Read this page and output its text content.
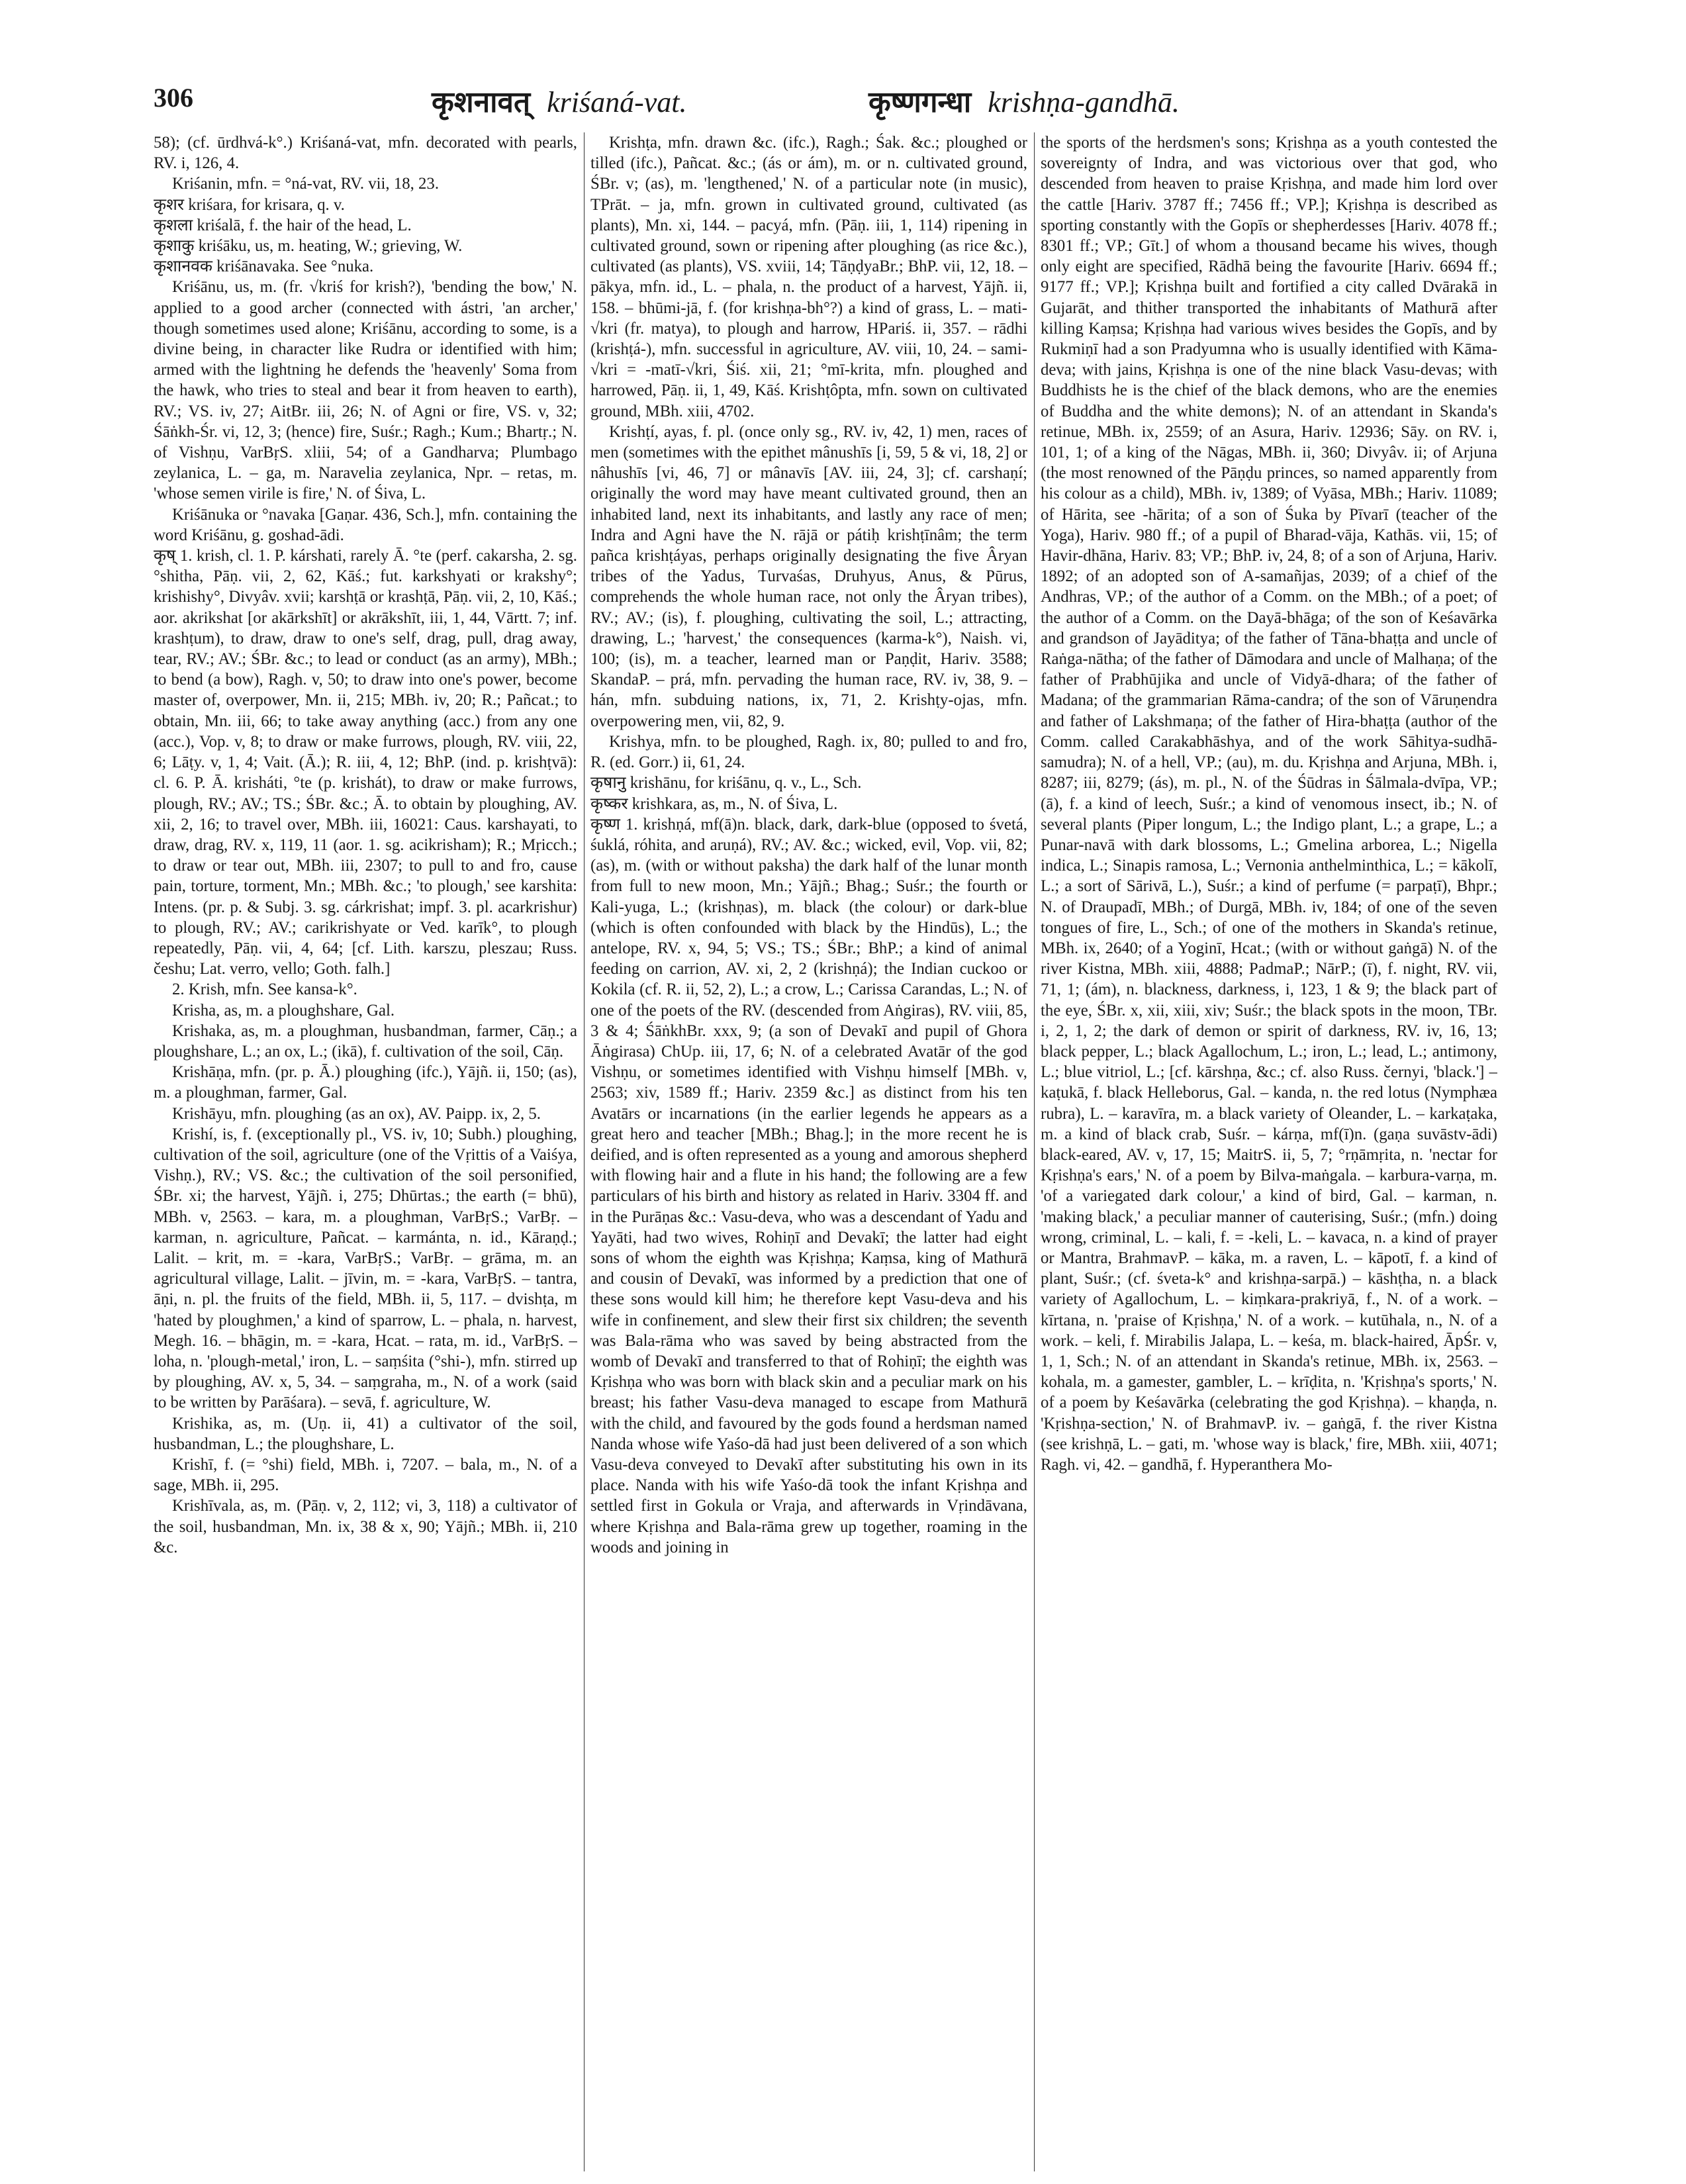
306	कृशनावत् kriśaná-vat.	कृष्णगन्धा krishṇa-gandhā.

58); (cf. ūrdhvá-k°.) Kriśaná-vat, mfn. decorated with pearls, RV. i, 126, 4.

Kriśanin, mfn. = °ná-vat, RV. vii, 18, 23.

कृशर kriśara, for krisara, q. v.

कृशला kriśalā, f. the hair of the head, L.

कृशाकु kriśāku, us, m. heating, W.; grieving, W.

कृशानवक kriśānavaka. See °nuka.

Kriśānu, us, m. (fr. √kriś for krish?), 'bending the bow,' N. applied to a good archer (connected with ástri, 'an archer,' though sometimes used alone; Kriśānu, according to some, is a divine being, in character like Rudra or identified with him; armed with the lightning he defends the 'heavenly' Soma from the hawk, who tries to steal and bear it from heaven to earth), RV.; VS. iv, 27; AitBr. iii, 26; N. of Agni or fire, VS. v, 32; Śāṅkh-Śr. vi, 12, 3; (hence) fire, Suśr.; Ragh.; Kum.; Bhartṛ.; N. of Vishṇu, VarBṛS. xliii, 54; of a Gandharva; Plumbago zeylanica, L. – ga, m. Naravelia zeylanica, Npr. – retas, m. 'whose semen virile is fire,' N. of Śiva, L.

Kriśānuka or °navaka [Gaṇar. 436, Sch.], mfn. containing the word Kriśānu, g. goshad-ādi.

कृष् 1. krish, cl. 1. P. kárshati, rarely Ā. °te (perf. cakarsha, 2. sg. °shitha, Pāṇ. vii, 2, 62, Kāś.; fut. karkshyati or krakshy°; krishishy°, Divyâv. xvii; karshṭā or krashṭā, Pāṇ. vii, 2, 10, Kāś.; aor. akrikshat [or akārkshīt] or akrākshīt, iii, 1, 44, Vārtt. 7; inf. krashṭum), to draw, draw to one's self, drag, pull, drag away, tear, RV.; AV.; ŚBr. &c.; to lead or conduct (as an army), MBh.; to bend (a bow), Ragh. v, 50; to draw into one's power, become master of, overpower, Mn. ii, 215; MBh. iv, 20; R.; Pañcat.; to obtain, Mn. iii, 66; to take away anything (acc.) from any one (acc.), Vop. v, 8; to draw or make furrows, plough, RV. viii, 22, 6; Lāṭy. v, 1, 4; Vait. (Ā.); R. iii, 4, 12; BhP. (ind. p. krishṭvā): cl. 6. P. Ā. krisháti, °te (p. krishát), to draw or make furrows, plough, RV.; AV.; TS.; ŚBr. &c.; Ā. to obtain by ploughing, AV. xii, 2, 16; to travel over, MBh. iii, 16021: Caus. karshayati, to draw, drag, RV. x, 119, 11 (aor. 1. sg. acikrisham); R.; Mṛicch.; to draw or tear out, MBh. iii, 2307; to pull to and fro, cause pain, torture, torment, Mn.; MBh. &c.; 'to plough,' see karshita: Intens. (pr. p. & Subj. 3. sg. cárkrishat; impf. 3. pl. acarkrishur) to plough, RV.; AV.; carikrishyate or Ved. karīk°, to plough repeatedly, Pāṇ. vii, 4, 64; [cf. Lith. karszu, pleszau; Russ. česhu; Lat. verro, vello; Goth. falh.]

2. Krish, mfn. See kansa-k°.

Krisha, as, m. a ploughshare, Gal.

Krishaka, as, m. a ploughman, husbandman, farmer, Cāṇ.; a ploughshare, L.; an ox, L.; (ikā), f. cultivation of the soil, Cāṇ.

Krishāṇa, mfn. (pr. p. Ā.) ploughing (ifc.), Yājñ. ii, 150; (as), m. a ploughman, farmer, Gal.

Krishāyu, mfn. ploughing (as an ox), AV. Paipp. ix, 2, 5.

Krishí, is, f. (exceptionally pl., VS. iv, 10; Subh.) ploughing, cultivation of the soil, agriculture (one of the Vṛittis of a Vaiśya, Vishṇ.), RV.; VS. &c.; the cultivation of the soil personified, ŚBr. xi; the harvest, Yājñ. i, 275; Dhūrtas.; the earth (= bhū), MBh. v, 2563. – kara, m. a ploughman, VarBṛS.; VarBṛ. – karman, n. agriculture, Pañcat. – karmánta, n. id., Kāraṇḍ.; Lalit. – krit, m. = -kara, VarBṛS.; VarBṛ. – grāma, m. an agricultural village, Lalit. – jīvin, m. = -kara, VarBṛS. – tantra, āṇi, n. pl. the fruits of the field, MBh. ii, 5, 117. – dvishṭa, m 'hated by ploughmen,' a kind of sparrow, L. – phala, n. harvest, Megh. 16. – bhāgin, m. = -kara, Hcat. – rata, m. id., VarBṛS. – loha, n. 'plough-metal,' iron, L. – saṃśita (°shi-), mfn. stirred up by ploughing, AV. x, 5, 34. – saṃgraha, m., N. of a work (said to be written by Parāśara). – sevā, f. agriculture, W.

Krishika, as, m. (Uṇ. ii, 41) a cultivator of the soil, husbandman, L.; the ploughshare, L.

Krishī, f. (= °shi) field, MBh. i, 7207. – bala, m., N. of a sage, MBh. ii, 295.

Krishīvala, as, m. (Pāṇ. v, 2, 112; vi, 3, 118) a cultivator of the soil, husbandman, Mn. ix, 38 & x, 90; Yājñ.; MBh. ii, 210 &c.

Krishṭa, mfn. drawn &c. (ifc.), Ragh.; Śak. &c.; ploughed or tilled (ifc.), Pañcat. &c.; (ás or ám), m. or n. cultivated ground, ŚBr. v; (as), m. 'lengthened,' N. of a particular note (in music), TPrāt. – ja, mfn. grown in cultivated ground, cultivated (as plants), Mn. xi, 144. – pacyá, mfn. (Pāṇ. iii, 1, 114) ripening in cultivated ground, sown or ripening after ploughing (as rice &c.), cultivated (as plants), VS. xviii, 14; TāṇḍyaBr.; BhP. vii, 12, 18. – pākya, mfn. id., L. – phala, n. the product of a harvest, Yājñ. ii, 158. – bhūmi-jā, f. (for krishṇa-bh°?) a kind of grass, L. – mati-√kri (fr. matya), to plough and harrow, HPariś. ii, 357. – rādhi (krishṭá-), mfn. successful in agriculture, AV. viii, 10, 24. – sami-√kri = -matī-√kri, Śiś. xii, 21; °mī-krita, mfn. ploughed and harrowed, Pāṇ. ii, 1, 49, Kāś. Krishṭôpta, mfn. sown on cultivated ground, MBh. xiii, 4702.

Krishṭí, ayas, f. pl. (once only sg., RV. iv, 42, 1) men, races of men (sometimes with the epithet mânushīs [i, 59, 5 & vi, 18, 2] or nâhushīs [vi, 46, 7] or mânavīs [AV. iii, 24, 3]; cf. carshaṇí; originally the word may have meant cultivated ground, then an inhabited land, next its inhabitants, and lastly any race of men; Indra and Agni have the N. rājā or pátiḥ krishṭīnâm; the term pañca krishṭáyas, perhaps originally designating the five Âryan tribes of the Yadus, Turvaśas, Druhyus, Anus, & Pūrus, comprehends the whole human race, not only the Âryan tribes), RV.; AV.; (is), f. ploughing, cultivating the soil, L.; attracting, drawing, L.; 'harvest,' the consequences (karma-k°), Naish. vi, 100; (is), m. a teacher, learned man or Paṇḍit, Hariv. 3588; SkandaP. – prá, mfn. pervading the human race, RV. iv, 38, 9. – hán, mfn. subduing nations, ix, 71, 2. Krishṭy-ojas, mfn. overpowering men, vii, 82, 9.

Krishya, mfn. to be ploughed, Ragh. ix, 80; pulled to and fro, R. (ed. Gorr.) ii, 61, 24.

कृषानु krishānu, for kriśānu, q. v., L., Sch.

कृष्कर krishkara, as, m., N. of Śiva, L.

कृष्ण 1. krishṇá, mf(ā)n. black, dark, dark-blue (opposed to śvetá, śuklá, róhita, and aruṇá), RV.; AV. &c.; wicked, evil, Vop. vii, 82; (as), m. (with or without paksha) the dark half of the lunar month from full to new moon, Mn.; Yājñ.; Bhag.; Suśr.; the fourth or Kali-yuga, L.; (krishṇas), m. black (the colour) or dark-blue (which is often confounded with black by the Hindūs), L.; the antelope, RV. x, 94, 5; VS.; TS.; ŚBr.; BhP.; a kind of animal feeding on carrion, AV. xi, 2, 2 (krishṇá); the Indian cuckoo or Kokila (cf. R. ii, 52, 2), L.; a crow, L.; Carissa Carandas, L.; N. of one of the poets of the RV. (descended from Aṅgiras), RV. viii, 85, 3 & 4; ŚāṅkhBr. xxx, 9; (a son of Devakī and pupil of Ghora Āṅgirasa) ChUp. iii, 17, 6; N. of a celebrated Avatār of the god Vishṇu, or sometimes identified with Vishṇu himself [MBh. v, 2563; xiv, 1589 ff.; Hariv. 2359 &c.] as distinct from his ten Avatārs or incarnations (in the earlier legends he appears as a great hero and teacher [MBh.; Bhag.]; in the more recent he is deified, and is often represented as a young and amorous shepherd with flowing hair and a flute in his hand; the following are a few particulars of his birth and history as related in Hariv. 3304 ff. and in the Purāṇas &c.: Vasu-deva, who was a descendant of Yadu and Yayāti, had two wives, Rohiṇī and Devakī; the latter had eight sons of whom the eighth was Kṛishṇa; Kaṃsa, king of Mathurā and cousin of Devakī, was informed by a prediction that one of these sons would kill him; he therefore kept Vasu-deva and his wife in confinement, and slew their first six children; the seventh was Bala-rāma who was saved by being abstracted from the womb of Devakī and transferred to that of Rohiṇī; the eighth was Kṛishṇa who was born with black skin and a peculiar mark on his breast; his father Vasu-deva managed to escape from Mathurā with the child, and favoured by the gods found a herdsman named Nanda whose wife Yaśo-dā had just been delivered of a son which Vasu-deva conveyed to Devakī after substituting his own in its place. Nanda with his wife Yaśo-dā took the infant Kṛishṇa and settled first in Gokula or Vraja, and afterwards in Vṛindāvana, where Kṛishṇa and Bala-rāma grew up together, roaming in the woods and joining in

the sports of the herdsmen's sons; Kṛishṇa as a youth contested the sovereignty of Indra, and was victorious over that god, who descended from heaven to praise Kṛishṇa, and made him lord over the cattle [Hariv. 3787 ff.; 7456 ff.; VP.]; Kṛishṇa is described as sporting constantly with the Gopīs or shepherdesses [Hariv. 4078 ff.; 8301 ff.; VP.; Gīt.] of whom a thousand became his wives, though only eight are specified, Rādhā being the favourite [Hariv. 6694 ff.; 9177 ff.; VP.]; Kṛishṇa built and fortified a city called Dvārakā in Gujarāt, and thither transported the inhabitants of Mathurā after killing Kaṃsa; Kṛishṇa had various wives besides the Gopīs, and by Rukmiṇī had a son Pradyumna who is usually identified with Kāma-deva; with jains, Kṛishṇa is one of the nine black Vasu-devas; with Buddhists he is the chief of the black demons, who are the enemies of Buddha and the white demons); N. of an attendant in Skanda's retinue, MBh. ix, 2559; of an Asura, Hariv. 12936; Sāy. on RV. i, 101, 1; of a king of the Nāgas, MBh. ii, 360; Divyâv. ii; of Arjuna (the most renowned of the Pāṇḍu princes, so named apparently from his colour as a child), MBh. iv, 1389; of Vyāsa, MBh.; Hariv. 11089; of Hārita, see -hārita; of a son of Śuka by Pīvarī (teacher of the Yoga), Hariv. 980 ff.; of a pupil of Bharad-vāja, Kathās. vii, 15; of Havir-dhāna, Hariv. 83; VP.; BhP. iv, 24, 8; of a son of Arjuna, Hariv. 1892; of an adopted son of A-samañjas, 2039; of a chief of the Andhras, VP.; of the author of a Comm. on the MBh.; of a poet; of the author of a Comm. on the Dayā-bhāga; of the son of Keśavārka and grandson of Jayāditya; of the father of Tāna-bhaṭṭa and uncle of Raṅga-nātha; of the father of Dāmodara and uncle of Malhaṇa; of the father of Prabhūjika and uncle of Vidyā-dhara; of the father of Madana; of the grammarian Rāma-candra; of the son of Vāruṇendra and father of Lakshmaṇa; of the father of Hira-bhaṭṭa (author of the Comm. called Carakabhāshya, and of the work Sāhitya-sudhā-samudra); N. of a hell, VP.; (au), m. du. Kṛishṇa and Arjuna, MBh. i, 8287; iii, 8279; (ás), m. pl., N. of the Śūdras in Śālmala-dvīpa, VP.; (ā), f. a kind of leech, Suśr.; a kind of venomous insect, ib.; N. of several plants (Piper longum, L.; the Indigo plant, L.; a grape, L.; a Punar-navā with dark blossoms, L.; Gmelina arborea, L.; Nigella indica, L.; Sinapis ramosa, L.; Vernonia anthelminthica, L.; = kākolī, L.; a sort of Sārivā, L.), Suśr.; a kind of perfume (= parpaṭī), Bhpr.; N. of Draupadī, MBh.; of Durgā, MBh. iv, 184; of one of the seven tongues of fire, L., Sch.; of one of the mothers in Skanda's retinue, MBh. ix, 2640; of a Yoginī, Hcat.; (with or without gaṅgā) N. of the river Kistna, MBh. xiii, 4888; PadmaP.; NārP.; (ī), f. night, RV. vii, 71, 1; (ám), n. blackness, darkness, i, 123, 1 & 9; the black part of the eye, ŚBr. x, xii, xiii, xiv; Suśr.; the black spots in the moon, TBr. i, 2, 1, 2; the dark of demon or spirit of darkness, RV. iv, 16, 13; black pepper, L.; black Agallochum, L.; iron, L.; lead, L.; antimony, L.; blue vitriol, L.; [cf. kārshṇa, &c.; cf. also Russ. černyi, 'black.'] – kaṭukā, f. black Helleborus, Gal. – kanda, n. the red lotus (Nymphæa rubra), L. – karavīra, m. a black variety of Oleander, L. – karkaṭaka, m. a kind of black crab, Suśr. – kárṇa, mf(ī)n. (gaṇa suvāstv-ādi) black-eared, AV. v, 17, 15; MaitrS. ii, 5, 7; °rṇāmṛita, n. 'nectar for Kṛishṇa's ears,' N. of a poem by Bilva-maṅgala. – karbura-varṇa, m. 'of a variegated dark colour,' a kind of bird, Gal. – karman, n. 'making black,' a peculiar manner of cauterising, Suśr.; (mfn.) doing wrong, criminal, L. – kali, f. = -keli, L. – kavaca, n. a kind of prayer or Mantra, BrahmavP. – kāka, m. a raven, L. – kāpotī, f. a kind of plant, Suśr.; (cf. śveta-k° and krishṇa-sarpā.) – kāshṭha, n. a black variety of Agallochum, L. – kiṃkara-prakriyā, f., N. of a work. – kīrtana, n. 'praise of Kṛishṇa,' N. of a work. – kutūhala, n., N. of a work. – keli, f. Mirabilis Jalapa, L. – keśa, m. black-haired, ĀpŚr. v, 1, 1, Sch.; N. of an attendant in Skanda's retinue, MBh. ix, 2563. – kohala, m. a gamester, gambler, L. – krīḍita, n. 'Kṛishṇa's sports,' N. of a poem by Keśavārka (celebrating the god Kṛishṇa). – khaṇḍa, n. 'Kṛishṇa-section,' N. of BrahmavP. iv. – gaṅgā, f. the river Kistna (see krishṇā, L. – gati, m. 'whose way is black,' fire, MBh. xiii, 4071; Ragh. vi, 42. – gandhā, f. Hyperanthera Mo-
